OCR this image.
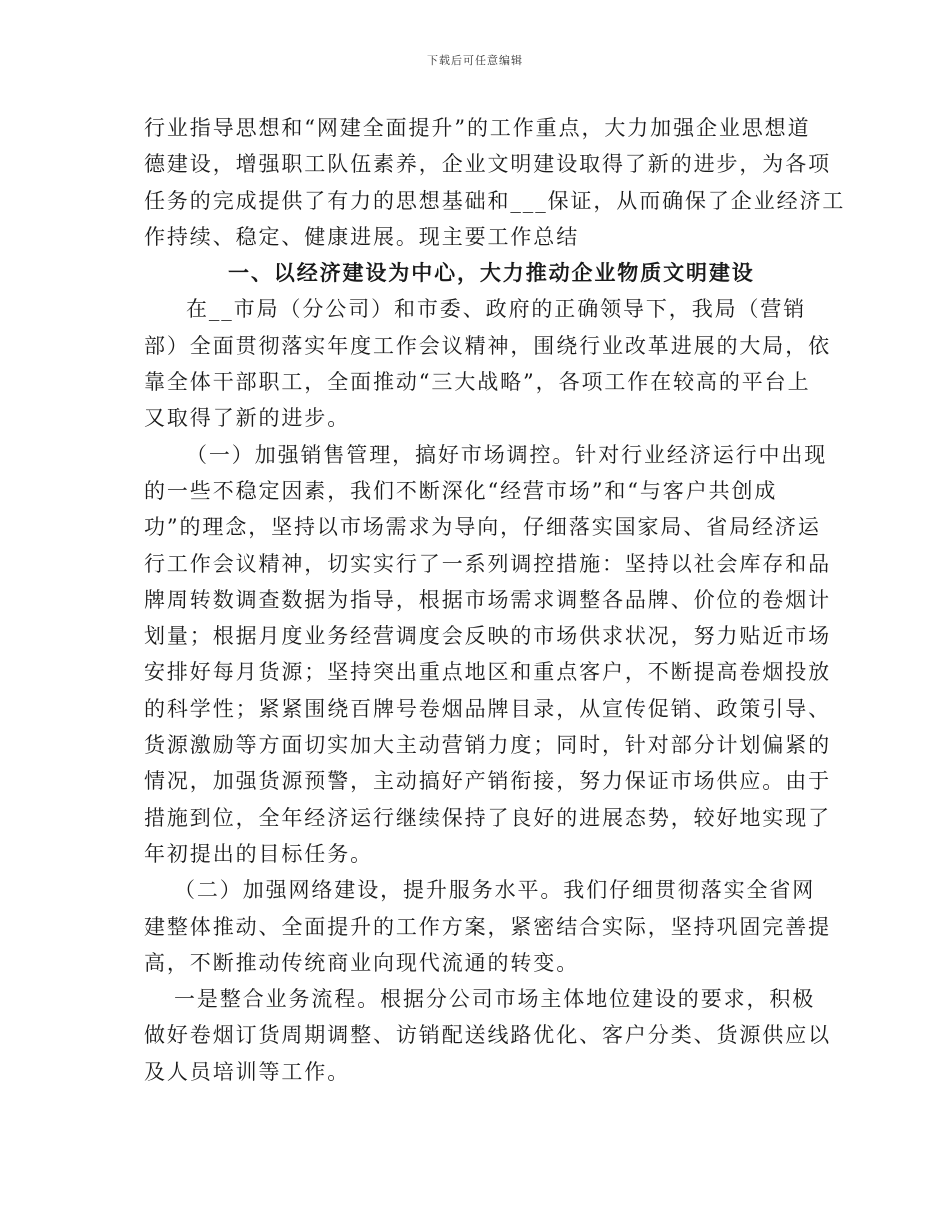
下载后可任意编辑

行业指导思想和“网建全面提升”的工作重点，大力加强企业思想道
德建设，增强职工队伍素养，企业文明建设取得了新的进步，为各项
任务的完成提供了有力的思想基础和___保证，从而确保了企业经济工
作持续、稳定、健康进展。现主要工作总结

一、以经济建设为中心，大力推动企业物质文明建设

在__市局（分公司）和市委、政府的正确领导下，我局（营销
部）全面贯彻落实年度工作会议精神，围绕行业改革进展的大局，依
靠全体干部职工，全面推动“三大战略”，各项工作在较高的平台上
又取得了新的进步。

（一）加强销售管理，搞好市场调控。针对行业经济运行中出现
的一些不稳定因素，我们不断深化“经营市场”和“与客户共创成
功”的理念，坚持以市场需求为导向，仔细落实国家局、省局经济运
行工作会议精神，切实实行了一系列调控措施：坚持以社会库存和品
牌周转数调查数据为指导，根据市场需求调整各品牌、价位的卷烟计
划量；根据月度业务经营调度会反映的市场供求状况，努力贴近市场
安排好每月货源；坚持突出重点地区和重点客户，不断提高卷烟投放
的科学性；紧紧围绕百牌号卷烟品牌目录，从宣传促销、政策引导、
货源激励等方面切实加大主动营销力度；同时，针对部分计划偏紧的
情况，加强货源预警，主动搞好产销衔接，努力保证市场供应。由于
措施到位，全年经济运行继续保持了良好的进展态势，较好地实现了
年初提出的目标任务。

（二）加强网络建设，提升服务水平。我们仔细贯彻落实全省网
建整体推动、全面提升的工作方案，紧密结合实际，坚持巩固完善提
高，不断推动传统商业向现代流通的转变。

一是整合业务流程。根据分公司市场主体地位建设的要求，积极
做好卷烟订货周期调整、访销配送线路优化、客户分类、货源供应以
及人员培训等工作。
